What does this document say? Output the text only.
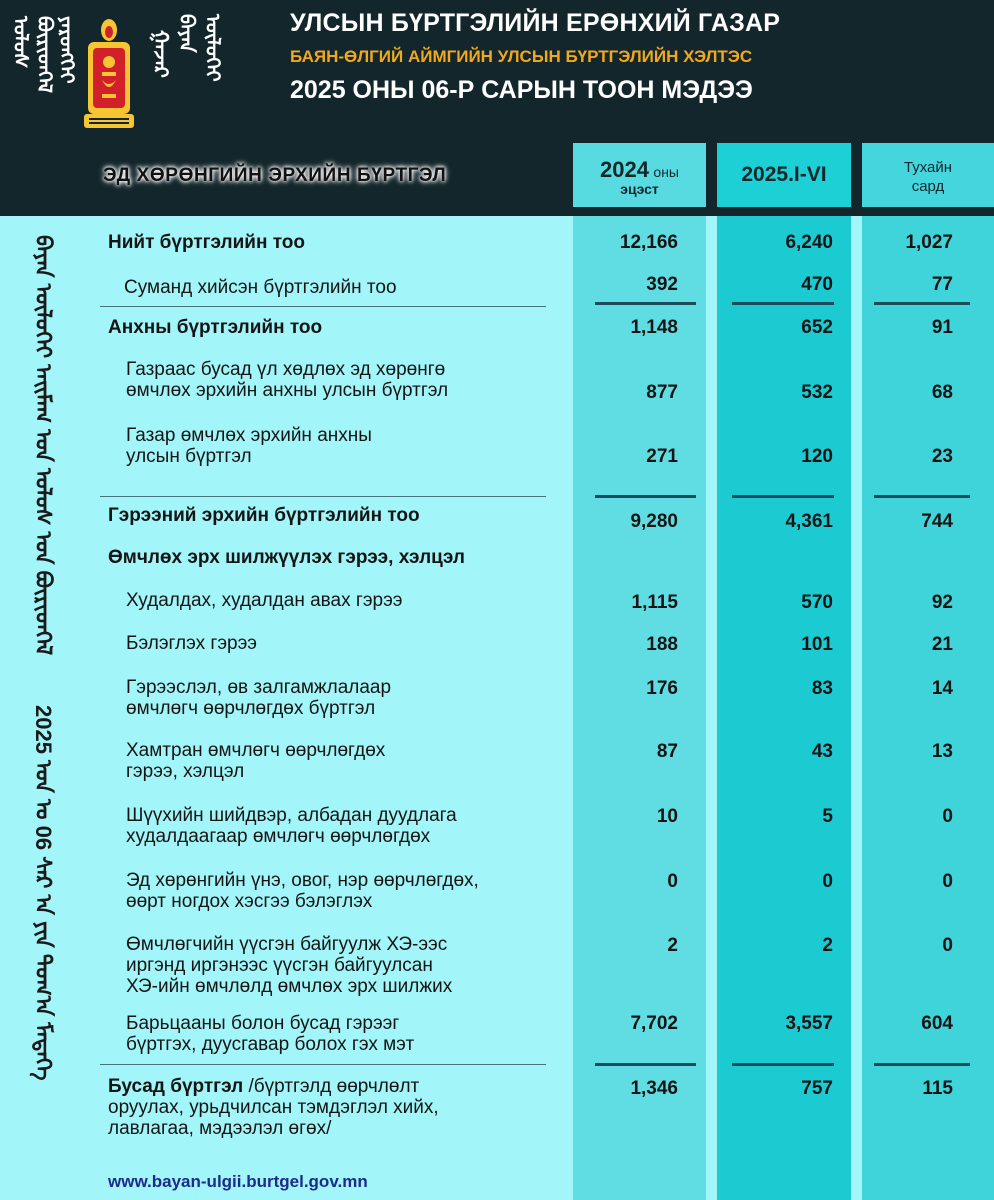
ᠤᠯᠤᠰ ᠪᠦᠷᠢᠳᠬᠡᠯ ᠶᠡᠷᠦᠩᠬᠡᠢ	ᠭᠠᠵᠠᠷ ᠪᠠᠶᠠᠨ ᠥᠯᠦᠭᠡᠢ	УЛСЫН БҮРТГЭЛИЙН ЕРӨНХИЙ ГАЗАР
БАЯН-ӨЛГИЙ АЙМГИЙН УЛСЫН БҮРТГЭЛИЙН ХЭЛТЭС
2025 ОНЫ 06-Р САРЫН ТООН МЭДЭЭ
ЭД ХӨРӨНГИЙН ЭРХИЙН БҮРТГЭЛ	2024 оны
эцэст
2025.I-VI	Тухайн
сард
ᠪᠠᠶᠠᠨ ᠥᠯᠦᠭᠡᠢ ᠠᠢᠮᠠᠭ ᠤᠨ ᠤᠯᠤᠰ ᠤᠨ ᠪᠦᠷᠢᠳᠬᠡᠯ
2025 ᠣᠨ ᠤ 06 ᠰᠠᠷ ᠠ ᠶᠢᠨ ᠲᠣᠭ᠎ᠠ ᠮᠡᠳᠡᠭᠡ
Нийт бүртгэлийн тоо	12,166	6,240	1,027
Суманд хийсэн бүртгэлийн тоо	392	470	77
Анхны бүртгэлийн тоо	1,148	652	91
Газраас бусад үл хөдлөх эд хөрөнгө
өмчлөх эрхийн анхны улсын бүртгэл	877	532	68
Газар өмчлөх эрхийн анхны
улсын бүртгэл	271	120	23
Гэрээний эрхийн бүртгэлийн тоо	9,280	4,361	744
Өмчлөх эрх шилжүүлэх гэрээ, хэлцэл
Худалдах, худалдан авах гэрээ	1,115	570	92
Бэлэглэх гэрээ	188	101	21
Гэрээслэл, өв залгамжлалаар
өмчлөгч өөрчлөгдөх бүртгэл
176	83	14
Хамтран өмчлөгч өөрчлөгдөх
гэрээ, хэлцэл
87	43	13
Шүүхийн шийдвэр, албадан дуудлага
худалдаагаар өмчлөгч өөрчлөгдөх
10	5	0
Эд хөрөнгийн үнэ, овог, нэр өөрчлөгдөх,
өөрт ногдох хэсгээ бэлэглэх
0	0	0
Өмчлөгчийн үүсгэн байгуулж ХЭ-ээс
иргэнд иргэнээс үүсгэн байгуулсан
ХЭ-ийн өмчлөлд өмчлөх эрх шилжих
2	2	0
Барьцааны болон бусад гэрээг
бүртгэх, дуусгавар болох гэх мэт
7,702	3,557	604
Бусад бүртгэл /бүртгэлд өөрчлөлт
оруулах, урьдчилсан тэмдэглэл хийх,
лавлагаа, мэдээлэл өгөх/
1,346	757	115
www.bayan-ulgii.burtgel.gov.mn
